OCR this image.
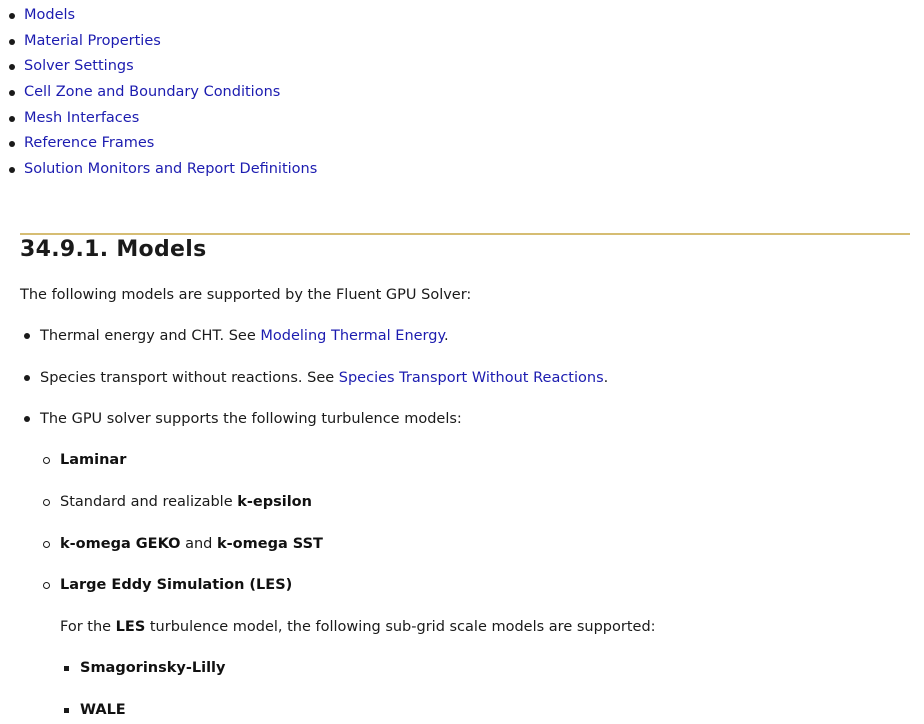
Models
Material Properties
Solver Settings
Cell Zone and Boundary Conditions
Mesh Interfaces
Reference Frames
Solution Monitors and Report Definitions
34.9.1. Models

The following models are supported by the Fluent GPU Solver:

Thermal energy and CHT. See Modeling Thermal Energy.

Species transport without reactions. See Species Transport Without Reactions.

The GPU solver supports the following turbulence models:

Laminar

Standard and realizable k-epsilon

k-omega GEKO and k-omega SST

Large Eddy Simulation (LES)

For the LES turbulence model, the following sub-grid scale models are supported:

Smagorinsky-Lilly

WALE
